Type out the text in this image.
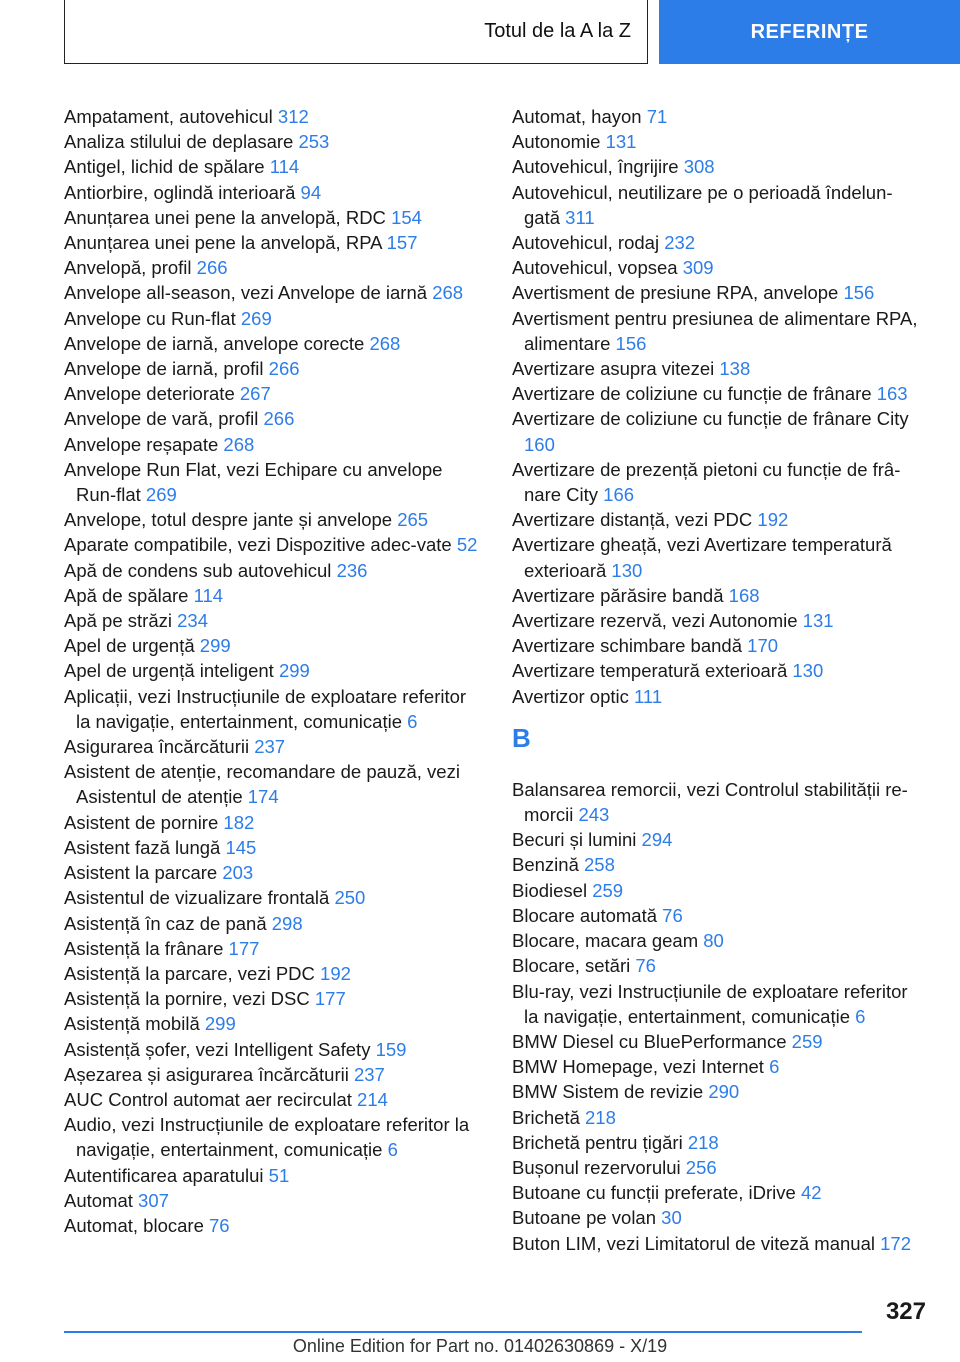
Totul de la A la Z	REFERINȚE
Ampatament, autovehicul 312
Analiza stilului de deplasare 253
Antigel, lichid de spălare 114
Antiorbire, oglindă interioară 94
Anunțarea unei pene la anvelopă, RDC 154
Anunțarea unei pene la anvelopă, RPA 157
Anvelopă, profil 266
Anvelope all-season, vezi Anvelope de iarnă 268
Anvelope cu Run-flat 269
Anvelope de iarnă, anvelope corecte 268
Anvelope de iarnă, profil 266
Anvelope deteriorate 267
Anvelope de vară, profil 266
Anvelope reșapate 268
Anvelope Run Flat, vezi Echipare cu anvelope Run-flat 269
Anvelope, totul despre jante și anvelope 265
Aparate compatibile, vezi Dispozitive adec-vate 52
Apă de condens sub autovehicul 236
Apă de spălare 114
Apă pe străzi 234
Apel de urgență 299
Apel de urgență inteligent 299
Aplicații, vezi Instrucțiunile de exploatare referitor la navigație, entertainment, comunicație 6
Asigurarea încărcăturii 237
Asistent de atenție, recomandare de pauză, vezi Asistentul de atenție 174
Asistent de pornire 182
Asistent fază lungă 145
Asistent la parcare 203
Asistentul de vizualizare frontală 250
Asistență în caz de pană 298
Asistență la frânare 177
Asistență la parcare, vezi PDC 192
Asistență la pornire, vezi DSC 177
Asistență mobilă 299
Asistență șofer, vezi Intelligent Safety 159
Așezarea și asigurarea încărcăturii 237
AUC Control automat aer recirculat 214
Audio, vezi Instrucțiunile de exploatare referitor la navigație, entertainment, comunicație 6
Autentificarea aparatului 51
Automat 307
Automat, blocare 76
Automat, hayon 71
Autonomie 131
Autovehicul, îngrijire 308
Autovehicul, neutilizare pe o perioadă îndelun-gată 311
Autovehicul, rodaj 232
Autovehicul, vopsea 309
Avertisment de presiune RPA, anvelope 156
Avertisment pentru presiunea de alimentare RPA, alimentare 156
Avertizare asupra vitezei 138
Avertizare de coliziune cu funcție de frânare 163
Avertizare de coliziune cu funcție de frânare City 160
Avertizare de prezență pietoni cu funcție de frâ-nare City 166
Avertizare distanță, vezi PDC 192
Avertizare gheață, vezi Avertizare temperatură exterioară 130
Avertizare părăsire bandă 168
Avertizare rezervă, vezi Autonomie 131
Avertizare schimbare bandă 170
Avertizare temperatură exterioară 130
Avertizor optic 111
B
Balansarea remorcii, vezi Controlul stabilității re-morcii 243
Becuri și lumini 294
Benzină 258
Biodiesel 259
Blocare automată 76
Blocare, macara geam 80
Blocare, setări 76
Blu-ray, vezi Instrucțiunile de exploatare referitor la navigație, entertainment, comunicație 6
BMW Diesel cu BluePerformance 259
BMW Homepage, vezi Internet 6
BMW Sistem de revizie 290
Brichetă 218
Brichetă pentru țigări 218
Bușonul rezervorului 256
Butoane cu funcții preferate, iDrive 42
Butoane pe volan 30
Buton LIM, vezi Limitatorul de viteză manual 172
327
Online Edition for Part no. 01402630869 - X/19
